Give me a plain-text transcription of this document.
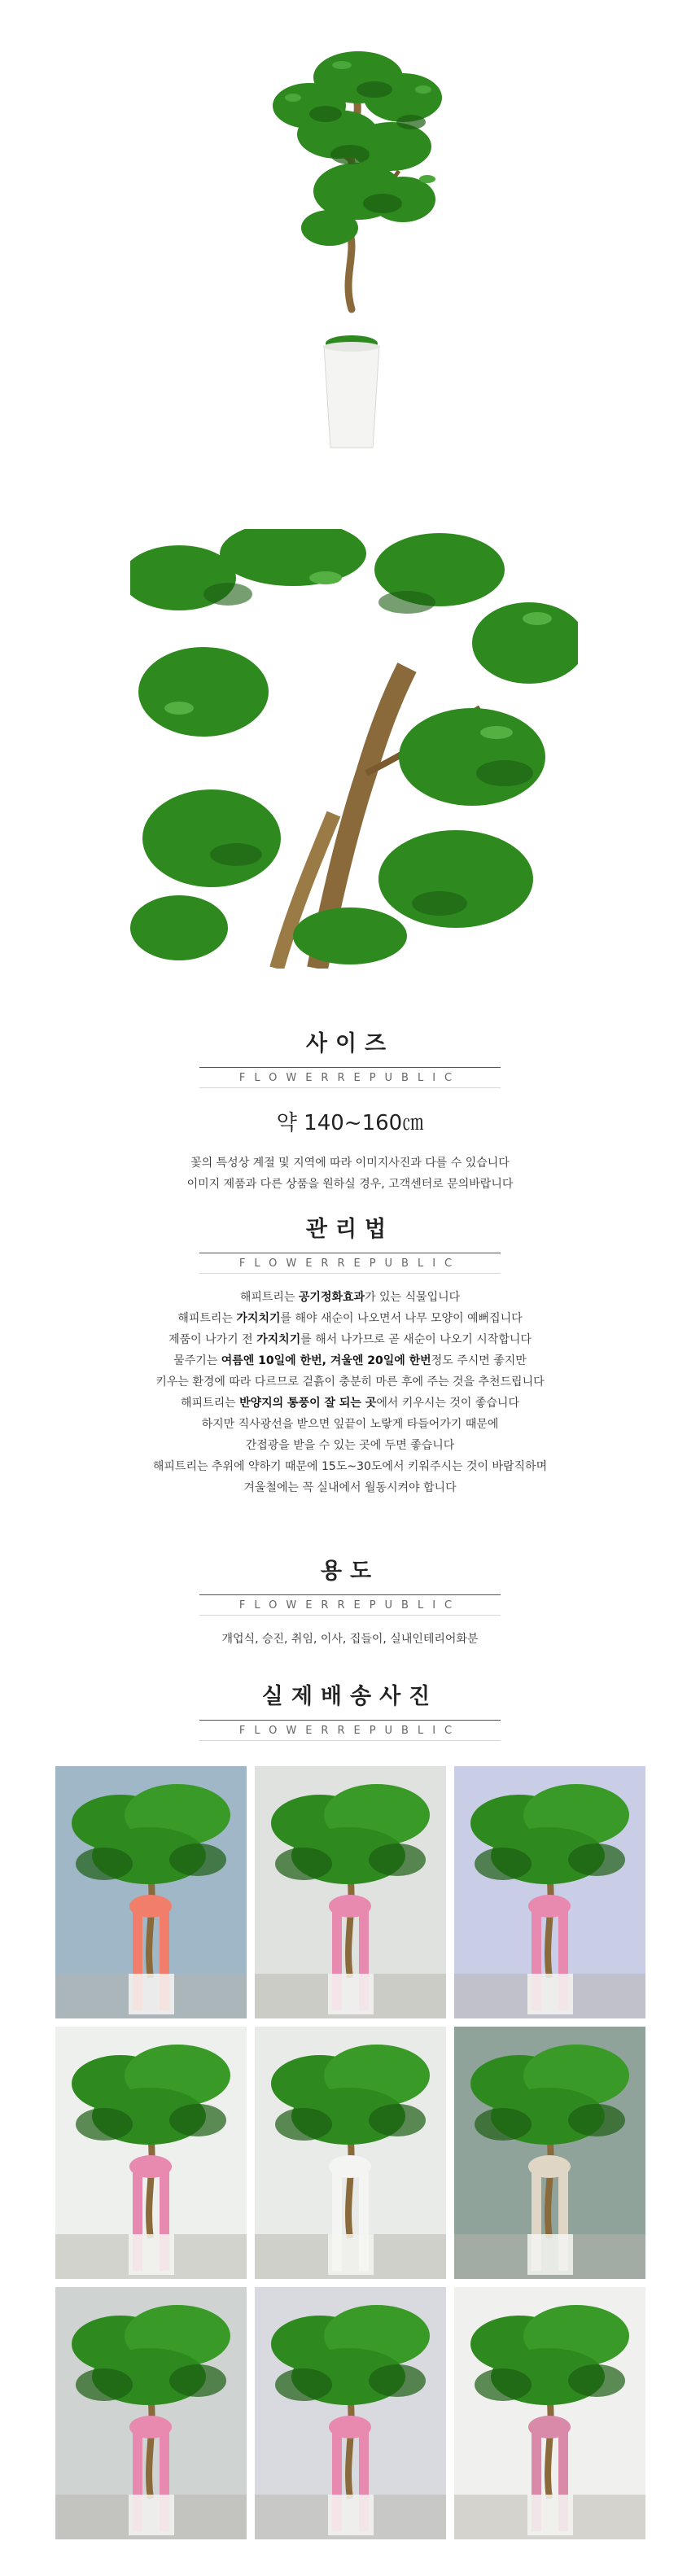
사이즈
FLOWERREPUBLIC
약 140~160㎝
꽃의 특성상 계절 및 지역에 따라 이미지사진과 다를 수 있습니다
이미지 제품과 다른 상품을 원하실 경우, 고객센터로 문의바랍니다
관리법
FLOWERREPUBLIC
해피트리는 공기정화효과가 있는 식물입니다
해피트리는 가지치기를 해야 새순이 나오면서 나무 모양이 예뻐집니다
제품이 나가기 전 가지치기를 해서 나가므로 곧 새순이 나오기 시작합니다
물주기는 여름엔 10일에 한번, 겨울엔 20일에 한번정도 주시면 좋지만
키우는 환경에 따라 다르므로 겉흙이 충분히 마른 후에 주는 것을 추천드립니다
해피트리는 반양지의 통풍이 잘 되는 곳에서 키우시는 것이 좋습니다
하지만 직사광선을 받으면 잎끝이 노랗게 타들어가기 때문에
간접광을 받을 수 있는 곳에 두면 좋습니다
해피트리는 추위에 약하기 때문에 15도~30도에서 키워주시는 것이 바람직하며
겨울철에는 꼭 실내에서 월동시켜야 합니다
용도
FLOWERREPUBLIC
개업식, 승진, 취임, 이사, 집들이, 실내인테리어화분
실제배송사진
FLOWERREPUBLIC
